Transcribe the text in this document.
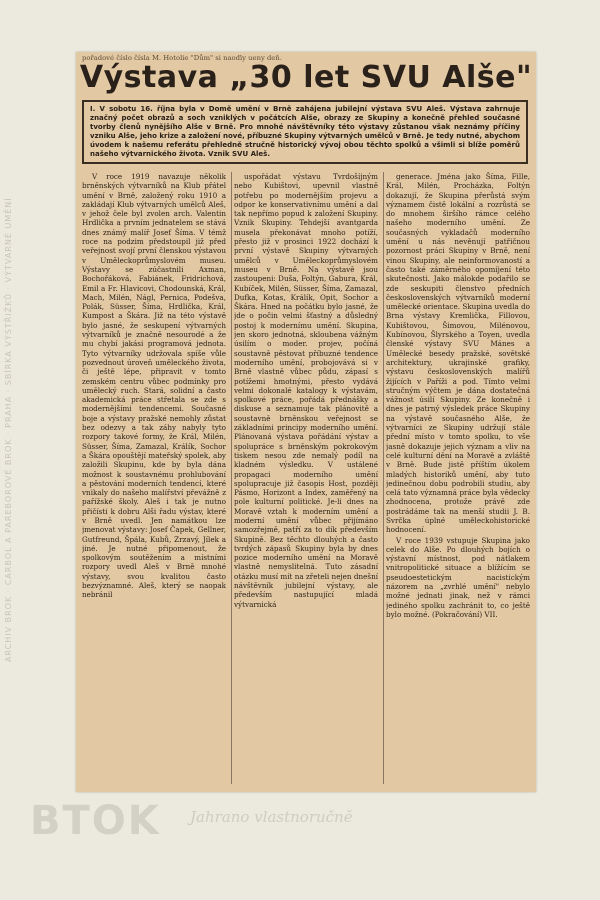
ARCHIV BROK · CARBOL A PAREBOROVÉ BROK · PRAHA · SBÍRKA VÝSTŘIŽKŮ · VÝTVARNÉ UMĚNÍ
pořadové číslo čísla M. Hotolie "Dům" si naoďiy ueny deň.
Výstava „30 let SVU Alše"
I. V sobotu 16. října byla v Domě umění v Brně zahájena jubilejní výstava SVU Aleš. Výstava zahrnuje značný počet obrazů a soch vzniklých v počátcích Alše, obrazy ze Skupiny a konečně přehled současné tvorby členů nynějšího Alše v Brně. Pro mnohé návštěvníky této výstavy zůstanou však neznámy příčiny vzniku Alše, jeho krize a založení nové, příbuzné Skupiny výtvarných umělců v Brně. Je tedy nutné, abychom úvodem k našemu referátu přehledně stručně historický vývoj obou těchto spolků a všimli si blíže poměrů našeho výtvarnického života. Vznik SVU Aleš.

V roce 1919 navazuje několik brněnských výtvarníků na Klub přátel umění v Brně, založený roku 1910 a zakládají Klub výtvarných umělců Aleš, v jehož čele byl zvolen arch. Valentin Hrdlička a prvním jednatelem se stává dnes známý malíř Josef Šíma. V témž roce na podzim předstoupil již před veřejnost svojí první členskou výstavou v Uměleckoprůmyslovém museu. Výstavy se zúčastnili Axman, Bochořáková, Fabiánek, Fridrichová, Emil a Fr. Hlavicovi, Chodounská, Král, Mach, Milén, Nágl, Pernica, Podešva, Polák, Süsser, Šíma, Hrdlička, Král, Kumpost a Škára. Již na této výstavě bylo jasné, že seskupení výtvarných výtvarníků je značně nesourodé a že mu chybí jakási programová jednota. Tyto výtvarníky udržovala spíše vůle pozvednout úroveň uměleckého života, či ještě lépe, připravit v tomto zemském centru vůbec podmínky pro umělecký ruch. Stará, solidní a často akademická práce střetala se zde s modernějšími tendencemi. Současné boje a výstavy pražské nemohly zůstat bez odezvy a tak záhy nabyly tyto rozpory takové formy, že Král, Milén, Süsser, Šíma, Zamazal, Králík, Sochor a Škára opouštějí mateřský spolek, aby založili Skupinu, kde by byla dána možnost k soustavnému prohlubování a pěstování moderních tendencí, které vnikaly do našeho malířství převážně z pařížské školy. Aleš i tak je nutno přičísti k dobru Alši řadu výstav, které v Brně uvedl. Jen namátkou lze jmenovat výstavy: Josef Čapek, Gellner, Gutfreund, Špála, Kubů, Zrzavý, Jílek a jiné. Je nutné připomenout, že spolkovým soutěžením a místními rozpory uvedl Aleš v Brně mnohé výstavy, svou kvalitou často bezvýznamné. Aleš, který se naopak nebránil

uspořádat výstavu Tvrdošíjným nebo Kubištovi, upevnil vlastně potřebu po modernějším projevu a odpor ke konservativnímu umění a dal tak nepřímo popud k založení Skupiny. Vznik Skupiny. Tehdejší avantgarda musela překonávat mnoho potíží, přesto již v prosinci 1922 dochází k první výstavě Skupiny výtvarných umělců v Uměleckoprůmyslovém museu v Brně. Na výstavě jsou zastoupeni: Duša, Foltýn, Gabura, Král, Kubíček, Milén, Süsser, Šíma, Zamazal, Dufka, Kotas, Králík, Opit, Sochor a Škára. Hned na počátku bylo jasné, že jde o počin velmi šťastný a důsledný postoj k modernímu umění. Skupina, jen skoro jednotná, skloubena vážným úsilím o moder. projev, počíná soustavně pěstovat příbuzné tendence moderního umění, probojovává si v Brně vlastně vůbec půdu, zápasí s potížemi hmotnými, přesto vydává velmi dokonalé katalogy k výstavám, spolkové práce, pořádá přednášky a diskuse a seznamuje tak plánovitě a soustavně brněnskou veřejnost se základními principy moderního umění. Plánovaná výstava pořádání výstav a spolupráce s brněnským pokrokovým tiskem nesou zde nemalý podíl na kladném výsledku. V ustálené propagaci moderního umění spolupracuje již časopis Host, později Pásmo, Horizont a Index, zaměřený na pole kulturní politické. Je-li dnes na Moravě vztah k moderním umění a moderní umění vůbec přijímáno samozřejmě, patří za to dík především Skupině. Bez těchto dlouhých a často tvrdých zápasů Skupiny byla by dnes pozice moderního umění na Moravě vlastně nemyslitelná. Tuto zásadní otázku musí mít na zřeteli nejen dnešní návštěvník jubilejní výstavy, ale především nastupující mladá výtvarnická

generace. Jména jako Šíma, Fille, Král, Milén, Procházka, Foltýn dokazují, že Skupina přerůstá svým významem čistě lokální a rozrůstá se do mnohem širšího rámce celého našeho moderního umění. Ze současných vykladačů moderního umění u nás nevěnují patřičnou pozornost práci Skupiny v Brně, není vinou Skupiny, ale neinformovaností a často také záměrného opomíjení této skutečnosti. Jako málokde podařilo se zde seskupiti členstvo předních československých výtvarníků moderní umělecké orientace. Skupina uvedla do Brna výstavy Kremlička, Fillovou, Kubištovou, Šimovou, Milénovou, Kubínovou, Šlyrského a Toyen, uvedla členské výstavy SVU Mánes a Umělecké besedy pražské, sovětské architektury, ukrajinské grafiky, výstavu československých malířů žijících v Paříži a pod. Tímto velmi stručným výčtem je dána dostatečná vážnost úsilí Skupiny. Ze konečně i dnes je patrný výsledek práce Skupiny na výstavě současného Alše, že výtvarníci ze Skupiny udržují stále přední místo v tomto spolku, to vše jasně dokazuje jejich význam a vliv na celé kulturní dění na Moravě a zvláště v Brně. Bude jistě příštím úkolem mladých historiků umění, aby tuto jedinečnou dobu podrobili studiu, aby celá tato významná práce byla vědecky zhodnocena, protože právě zde postrádáme tak na menší studii J. B. Svrčka úplné uměleckohistorické hodnocení.

V roce 1939 vstupuje Skupina jako celek do Alše. Po dlouhých bojích o výstavní místnost, pod nátlakem vnitropolitické situace a blížícím se pseudoestetickým nacistickým názorem na „zvrhlé umění" nebylo možné jednati jinak, než v rámci jediného spolku zachránit to, co ještě bylo možné. (Pokračování) VII.

BTOK Jahrano vlastnoručně
